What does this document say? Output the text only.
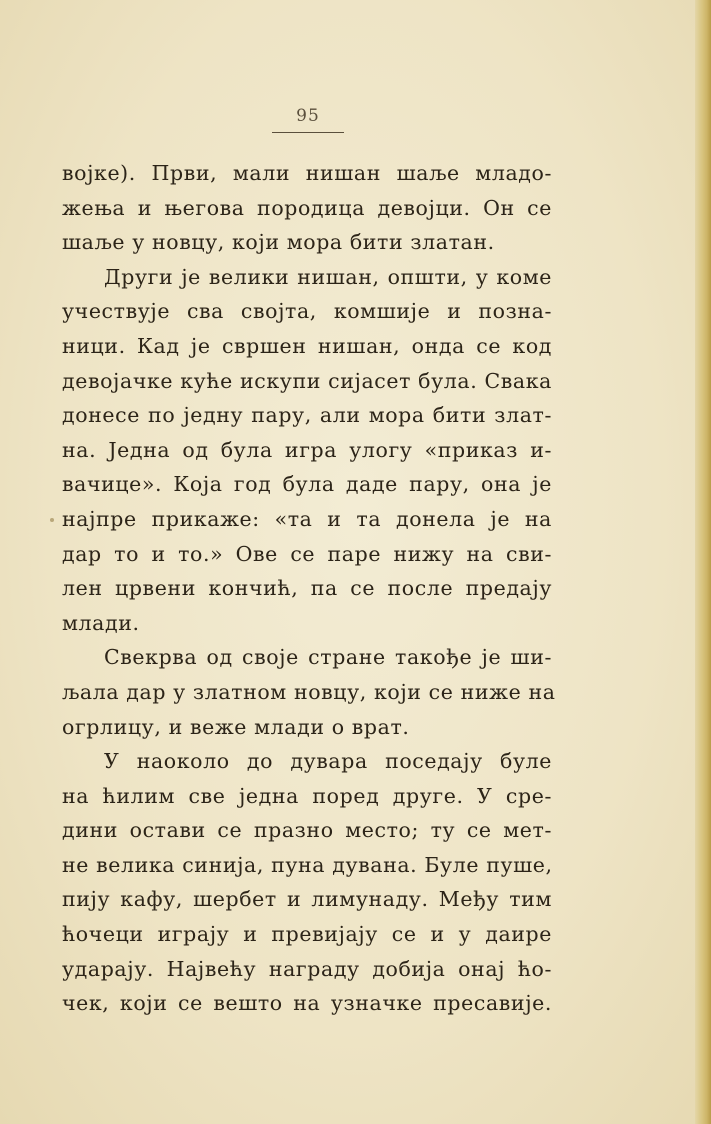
95
војке). Први, мали нишан шаље младо-
жења и његова породица девојци. Он се
шаље у новцу, који мора бити златан.
Други је велики нишан, општи, у коме
учествује сва својта, комшије и позна-
ници. Кад је свршен нишан, онда се код
девојачке куће искупи сијасет була. Свака
донесе по једну пару, али мора бити злат-
на. Једна од була игра улогу «приказ и-
вачице». Која год була даде пару, она је
најпре прикаже: «та и та донела је на
дар то и то.» Ове се паре нижу на сви-
лен црвени кончић, па се после предају
млади.
Свекрва од своје стране такође је ши-
љала дар у златном новцу, који се ниже на
огрлицу, и веже млади о врат.
У наоколо до дувара поседају буле
на ћилим све једна поред друге. У сре-
дини остави се празно место; ту се мет-
не велика синија, пуна дувана. Буле пуше,
пију кафу, шербет и лимунаду. Међу тим
ћочеци играју и превијају се и у даире
ударају. Највећу награду добија онај ћо-
чек, који се вешто на узначке пресавије.
